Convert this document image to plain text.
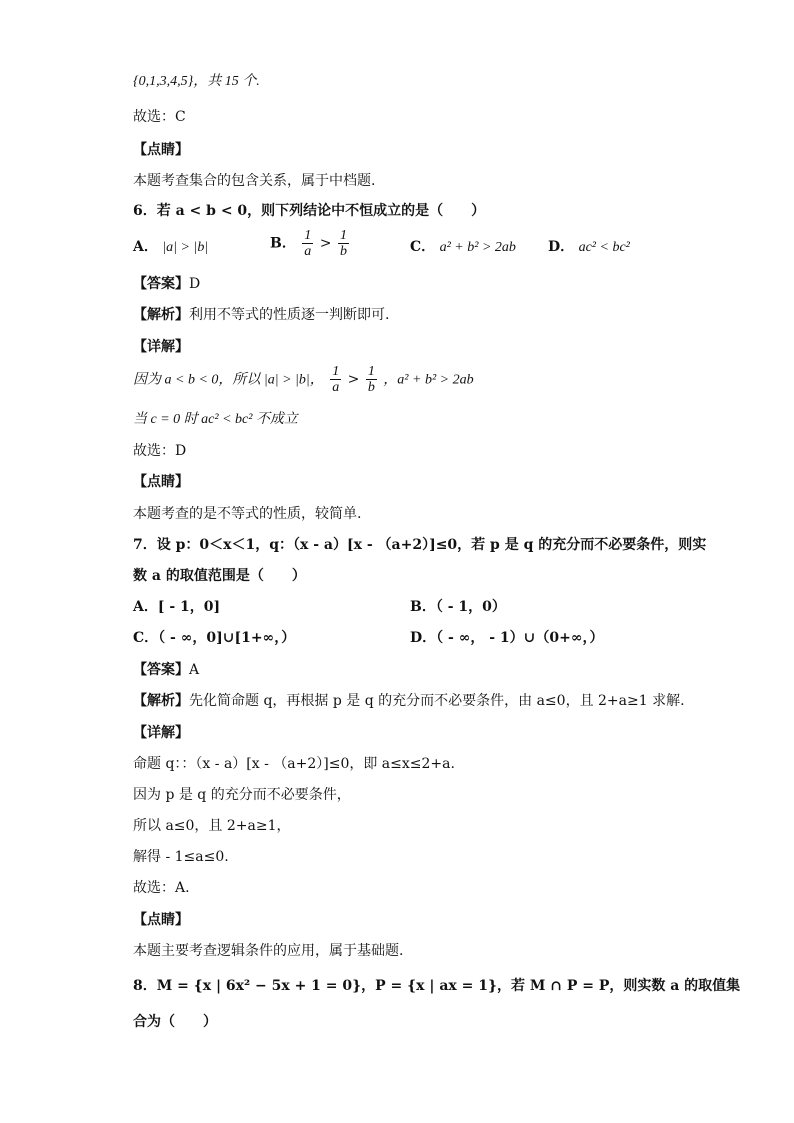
{0,1,3,4,5}，共 15 个.
故选：C
【点睛】
本题考查集合的包含关系，属于中档题.
6．若 a < b < 0，则下列结论中不恒成立的是（　　）
A． |a| > |b|	B． $\frac{1}{a} > \frac{1}{b}$	C． a² + b² > 2ab D． ac² < bc²
【答案】D
【解析】利用不等式的性质逐一判断即可.
【详解】
因为 a < b < 0，所以 |a| > |b|， $\frac{1}{a} > \frac{1}{b}$ ，a² + b² > 2ab
当 c = 0 时 ac² < bc² 不成立
故选：D
【点睛】
本题考查的是不等式的性质，较简单.
7．设 p：0＜x＜1，q：（x - a）[x - （a+2）]≤0，若 p 是 q 的充分而不必要条件，则实
数 a 的取值范围是（　　）
A．[ - 1，0]	B．（ - 1，0）
C．（ - ∞，0]∪[1+∞，）	D．（ - ∞， - 1）∪（0+∞，）
【答案】A
【解析】先化简命题 q，再根据 p 是 q 的充分而不必要条件，由 a≤0，且 2+a≥1 求解.
【详解】
命题 q：：（x - a）[x - （a+2）]≤0，即 a≤x≤2+a.
因为 p 是 q 的充分而不必要条件，
所以 a≤0，且 2+a≥1，
解得 - 1≤a≤0.
故选：A.
【点睛】
本题主要考查逻辑条件的应用，属于基础题.
8．M = {x | 6x² − 5x + 1 = 0}，P = {x | ax = 1}，若 M ∩ P = P，则实数 a 的取值集
合为（　　）
